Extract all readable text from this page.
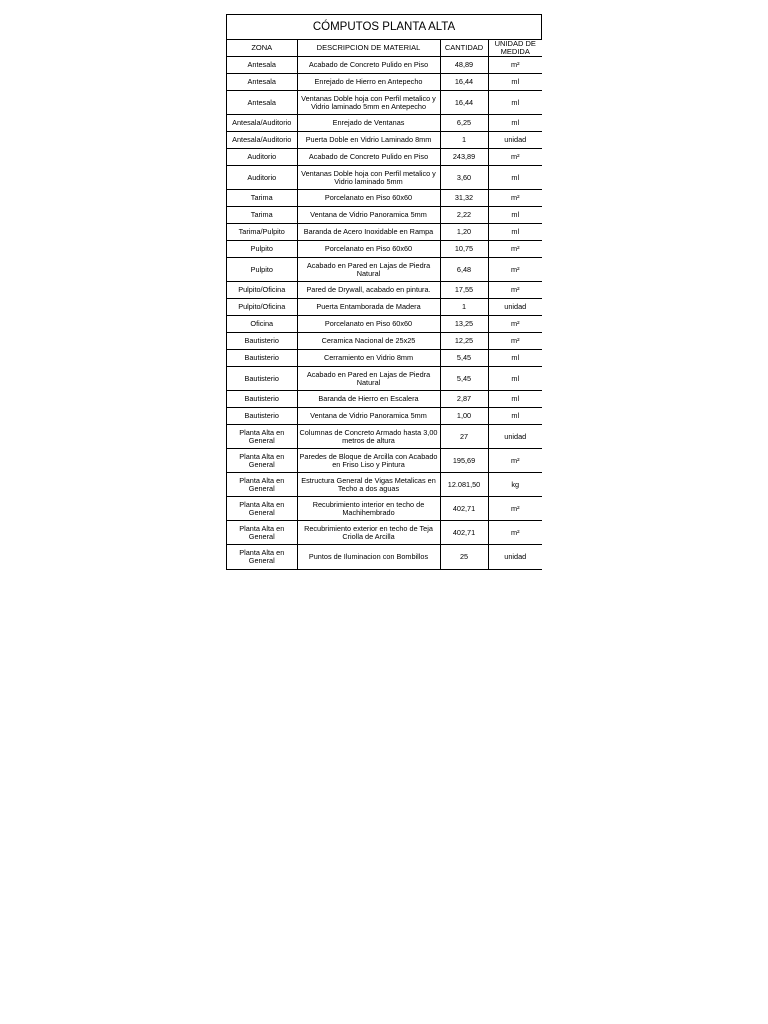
CÓMPUTOS PLANTA ALTA
ZONA	DESCRIPCION DE MATERIAL	CANTIDAD	UNIDAD DE MEDIDA
Antesala	Acabado de Concreto Pulido en Piso	48,89	m²
Antesala	Enrejado de Hierro en Antepecho	16,44	ml
Antesala	Ventanas Doble hoja con Perfil metalico y Vidrio laminado 5mm en Antepecho	16,44	ml
Antesala/Auditorio	Enrejado de Ventanas	6,25	ml
Antesala/Auditorio	Puerta Doble en Vidrio Laminado 8mm	1	unidad
Auditorio	Acabado de Concreto Pulido en Piso	243,89	m²
Auditorio	Ventanas Doble hoja con Perfil metalico y Vidrio laminado 5mm	3,60	ml
Tarima	Porcelanato en Piso 60x60	31,32	m²
Tarima	Ventana de Vidrio Panoramica 5mm	2,22	ml
Tarima/Pulpito	Baranda de Acero Inoxidable en Rampa	1,20	ml
Pulpito	Porcelanato en Piso 60x60	10,75	m²
Pulpito	Acabado en Pared en Lajas de Piedra Natural	6,48	m²
Pulpito/Oficina	Pared de Drywall, acabado en pintura.	17,55	m²
Pulpito/Oficina	Puerta Entamborada de Madera	1	unidad
Oficina	Porcelanato en Piso 60x60	13,25	m²
Bautisterio	Ceramica Nacional de 25x25	12,25	m²
Bautisterio	Cerramiento en Vidrio 8mm	5,45	ml
Bautisterio	Acabado en Pared en Lajas de Piedra Natural	5,45	ml
Bautisterio	Baranda de Hierro en Escalera	2,87	ml
Bautisterio	Ventana de Vidrio Panoramica 5mm	1,00	ml
Planta Alta en General	Columnas de Concreto Armado hasta 3,00 metros de altura	27	unidad
Planta Alta en General	Paredes de Bloque de Arcilla con Acabado en Friso Liso y Pintura	195,69	m²
Planta Alta en General	Estructura General de Vigas Metalicas en Techo a dos aguas	12.081,50	kg
Planta Alta en General	Recubrimiento interior en techo de Machihembrado	402,71	m²
Planta Alta en General	Recubrimiento exterior en techo de Teja Criolla de Arcilla	402,71	m²
Planta Alta en General	Puntos de Iluminacion con Bombillos	25	unidad
